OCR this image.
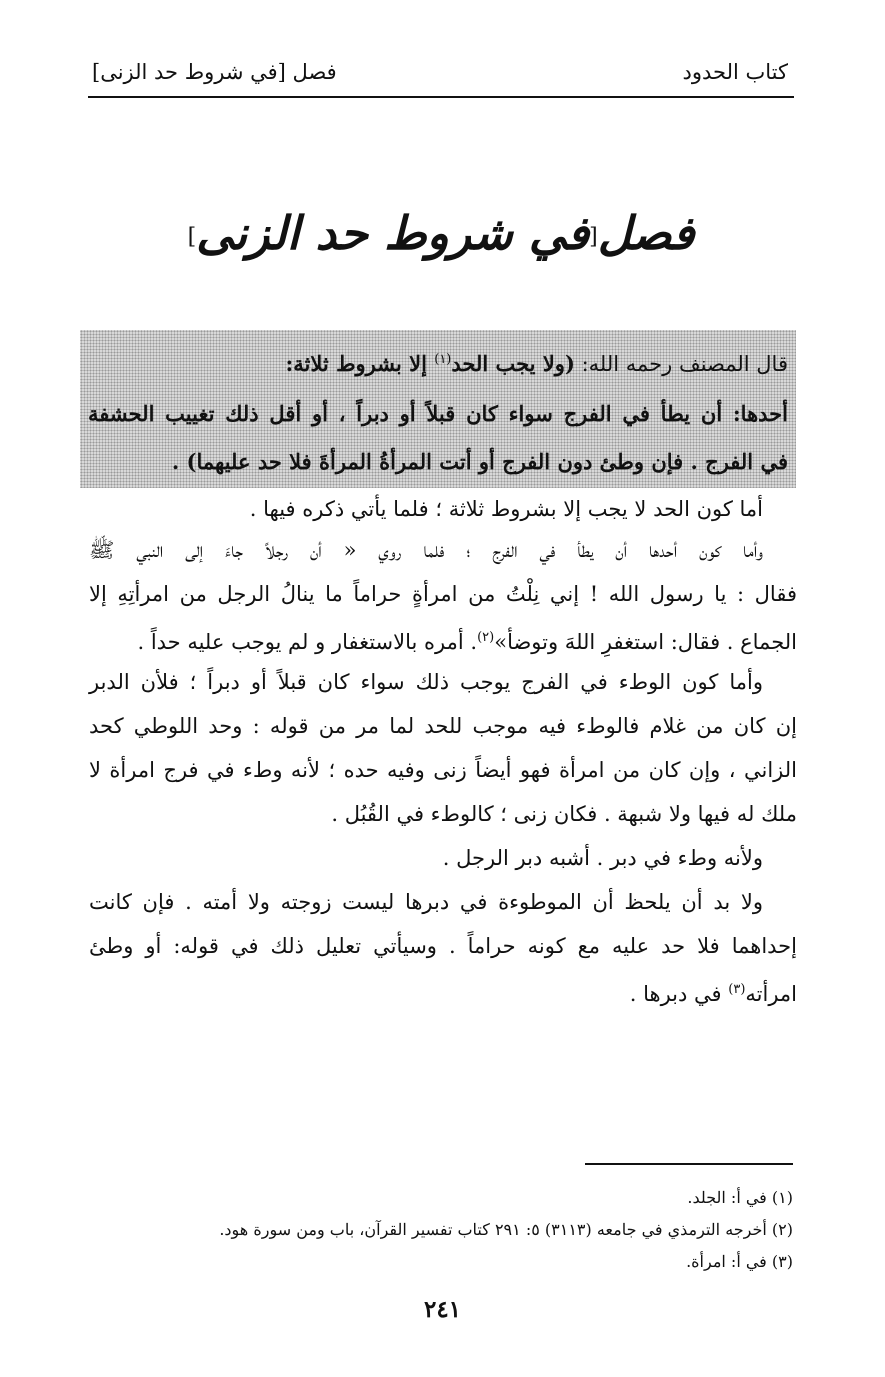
كتاب الحدود
فصل [في شروط حد الزنى]
فصل[في شروط حد الزنى]
قال المصنف رحمه الله: (ولا يجب الحد$^{(١)}$ إلا بشروط ثلاثة:
أحدها: أن يطأ في الفرج سواء كان قبلاً أو دبراً ، أو أقل ذلك تغييب الحشفة
في الفرج . فإن وطئ دون الفرج أو أتت المرأةُ المرأةَ فلا حد عليهما) .
أما كون الحد لا يجب إلا بشروط ثلاثة ؛ فلما يأتي ذكره فيها .
وأما كون أحدها أن يطأ في الفرج ؛ فلما روي « أن رجلاً جاءَ إلى النبي ﷺ
فقال : يا رسول الله ! إني نِلْتُ من امرأةٍ حراماً ما ينالُ الرجل من امرأتِهِ إلا
الجماع . فقال: استغفرِ اللهَ وتوضأ»$^{(٢)}$. أمره بالاستغفار و لم يوجب عليه حداً .
وأما كون الوطء في الفرج يوجب ذلك سواء كان قبلاً أو دبراً ؛ فلأن الدبر
إن كان من غلام فالوطء فيه موجب للحد لما مر من قوله : وحد اللوطي كحد
الزاني ، وإن كان من امرأة فهو أيضاً زنى وفيه حده ؛ لأنه وطء في فرج امرأة لا
ملك له فيها ولا شبهة . فكان زنى ؛ كالوطء في القُبُل .
ولأنه وطء في دبر . أشبه دبر الرجل .
ولا بد أن يلحظ أن الموطوءة في دبرها ليست زوجته ولا أمته . فإن كانت
إحداهما فلا حد عليه مع كونه حراماً . وسيأتي تعليل ذلك في قوله: أو وطئ
امرأته$^{(٣)}$ في دبرها .
(١) في أ: الجلد.
(٢) أخرجه الترمذي في جامعه (٣١١٣) ٥: ٢٩١ كتاب تفسير القرآن، باب ومن سورة هود.
(٣) في أ: امرأة.
٢٤١
